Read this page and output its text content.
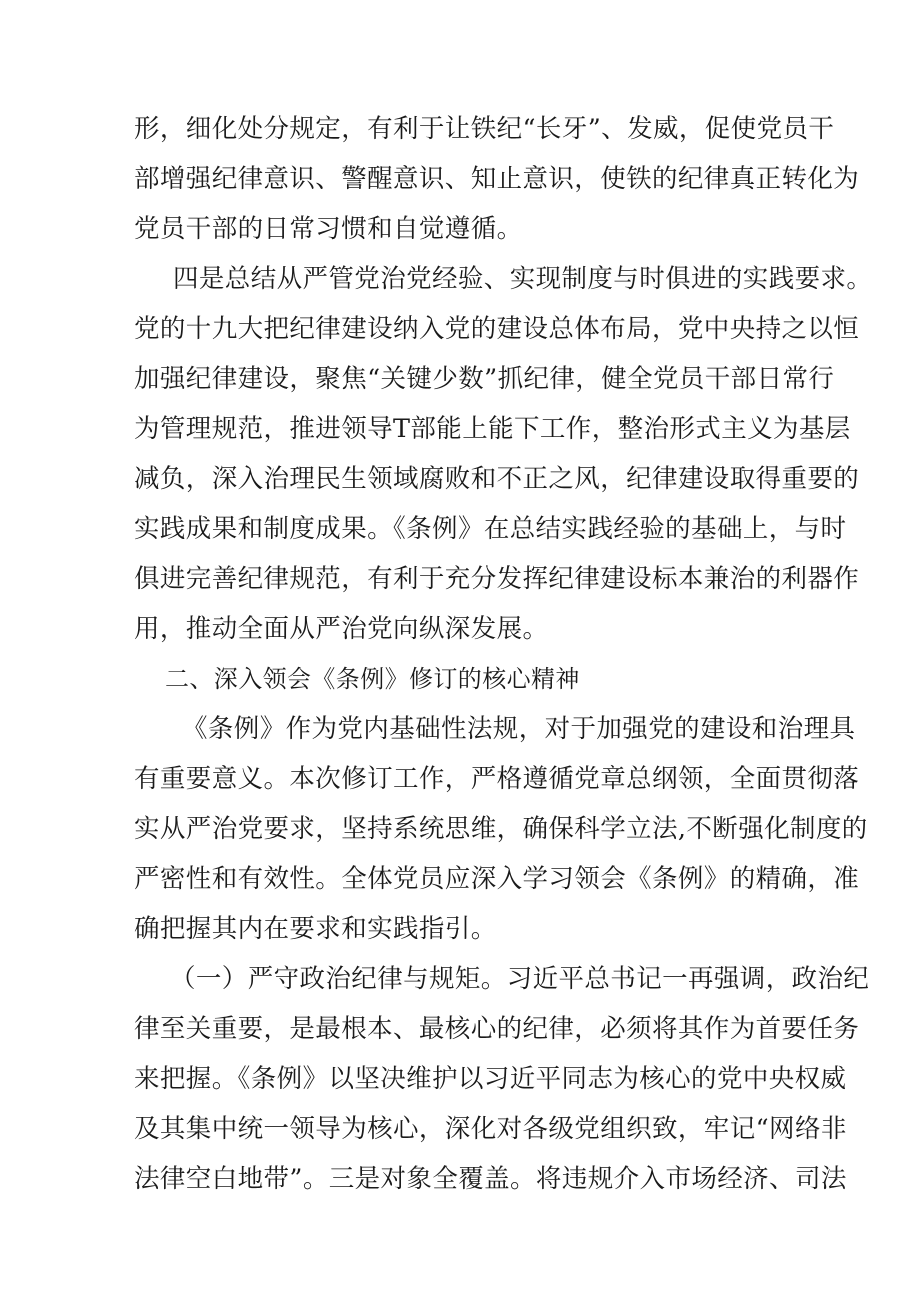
形，细化处分规定，有利于让铁纪“长牙”、发威，促使党员干
部增强纪律意识、警醒意识、知止意识，使铁的纪律真正转化为
党员干部的日常习惯和自觉遵循。
四是总结从严管党治党经验、实现制度与时俱进的实践要求。
党的十九大把纪律建设纳入党的建设总体布局，党中央持之以恒
加强纪律建设，聚焦“关键少数”抓纪律，健全党员干部日常行
为管理规范，推进领导T部能上能下工作，整治形式主义为基层
减负，深入治理民生领域腐败和不正之风，纪律建设取得重要的
实践成果和制度成果。《条例》在总结实践经验的基础上，与时
俱进完善纪律规范，有利于充分发挥纪律建设标本兼治的利器作
用，推动全面从严治党向纵深发展。
二、深入领会《条例》修订的核心精神
《条例》作为党内基础性法规，对于加强党的建设和治理具
有重要意义。本次修订工作，严格遵循党章总纲领，全面贯彻落
实从严治党要求，坚持系统思维，确保科学立法,不断强化制度的
严密性和有效性。全体党员应深入学习领会《条例》的精确，准
确把握其内在要求和实践指引。
（一）严守政治纪律与规矩。习近平总书记一再强调，政治纪
律至关重要，是最根本、最核心的纪律，必须将其作为首要任务
来把握。《条例》以坚决维护以习近平同志为核心的党中央权威
及其集中统一领导为核心，深化对各级党组织致，牢记“网络非
法律空白地带”。三是对象全覆盖。将违规介入市场经济、司法
